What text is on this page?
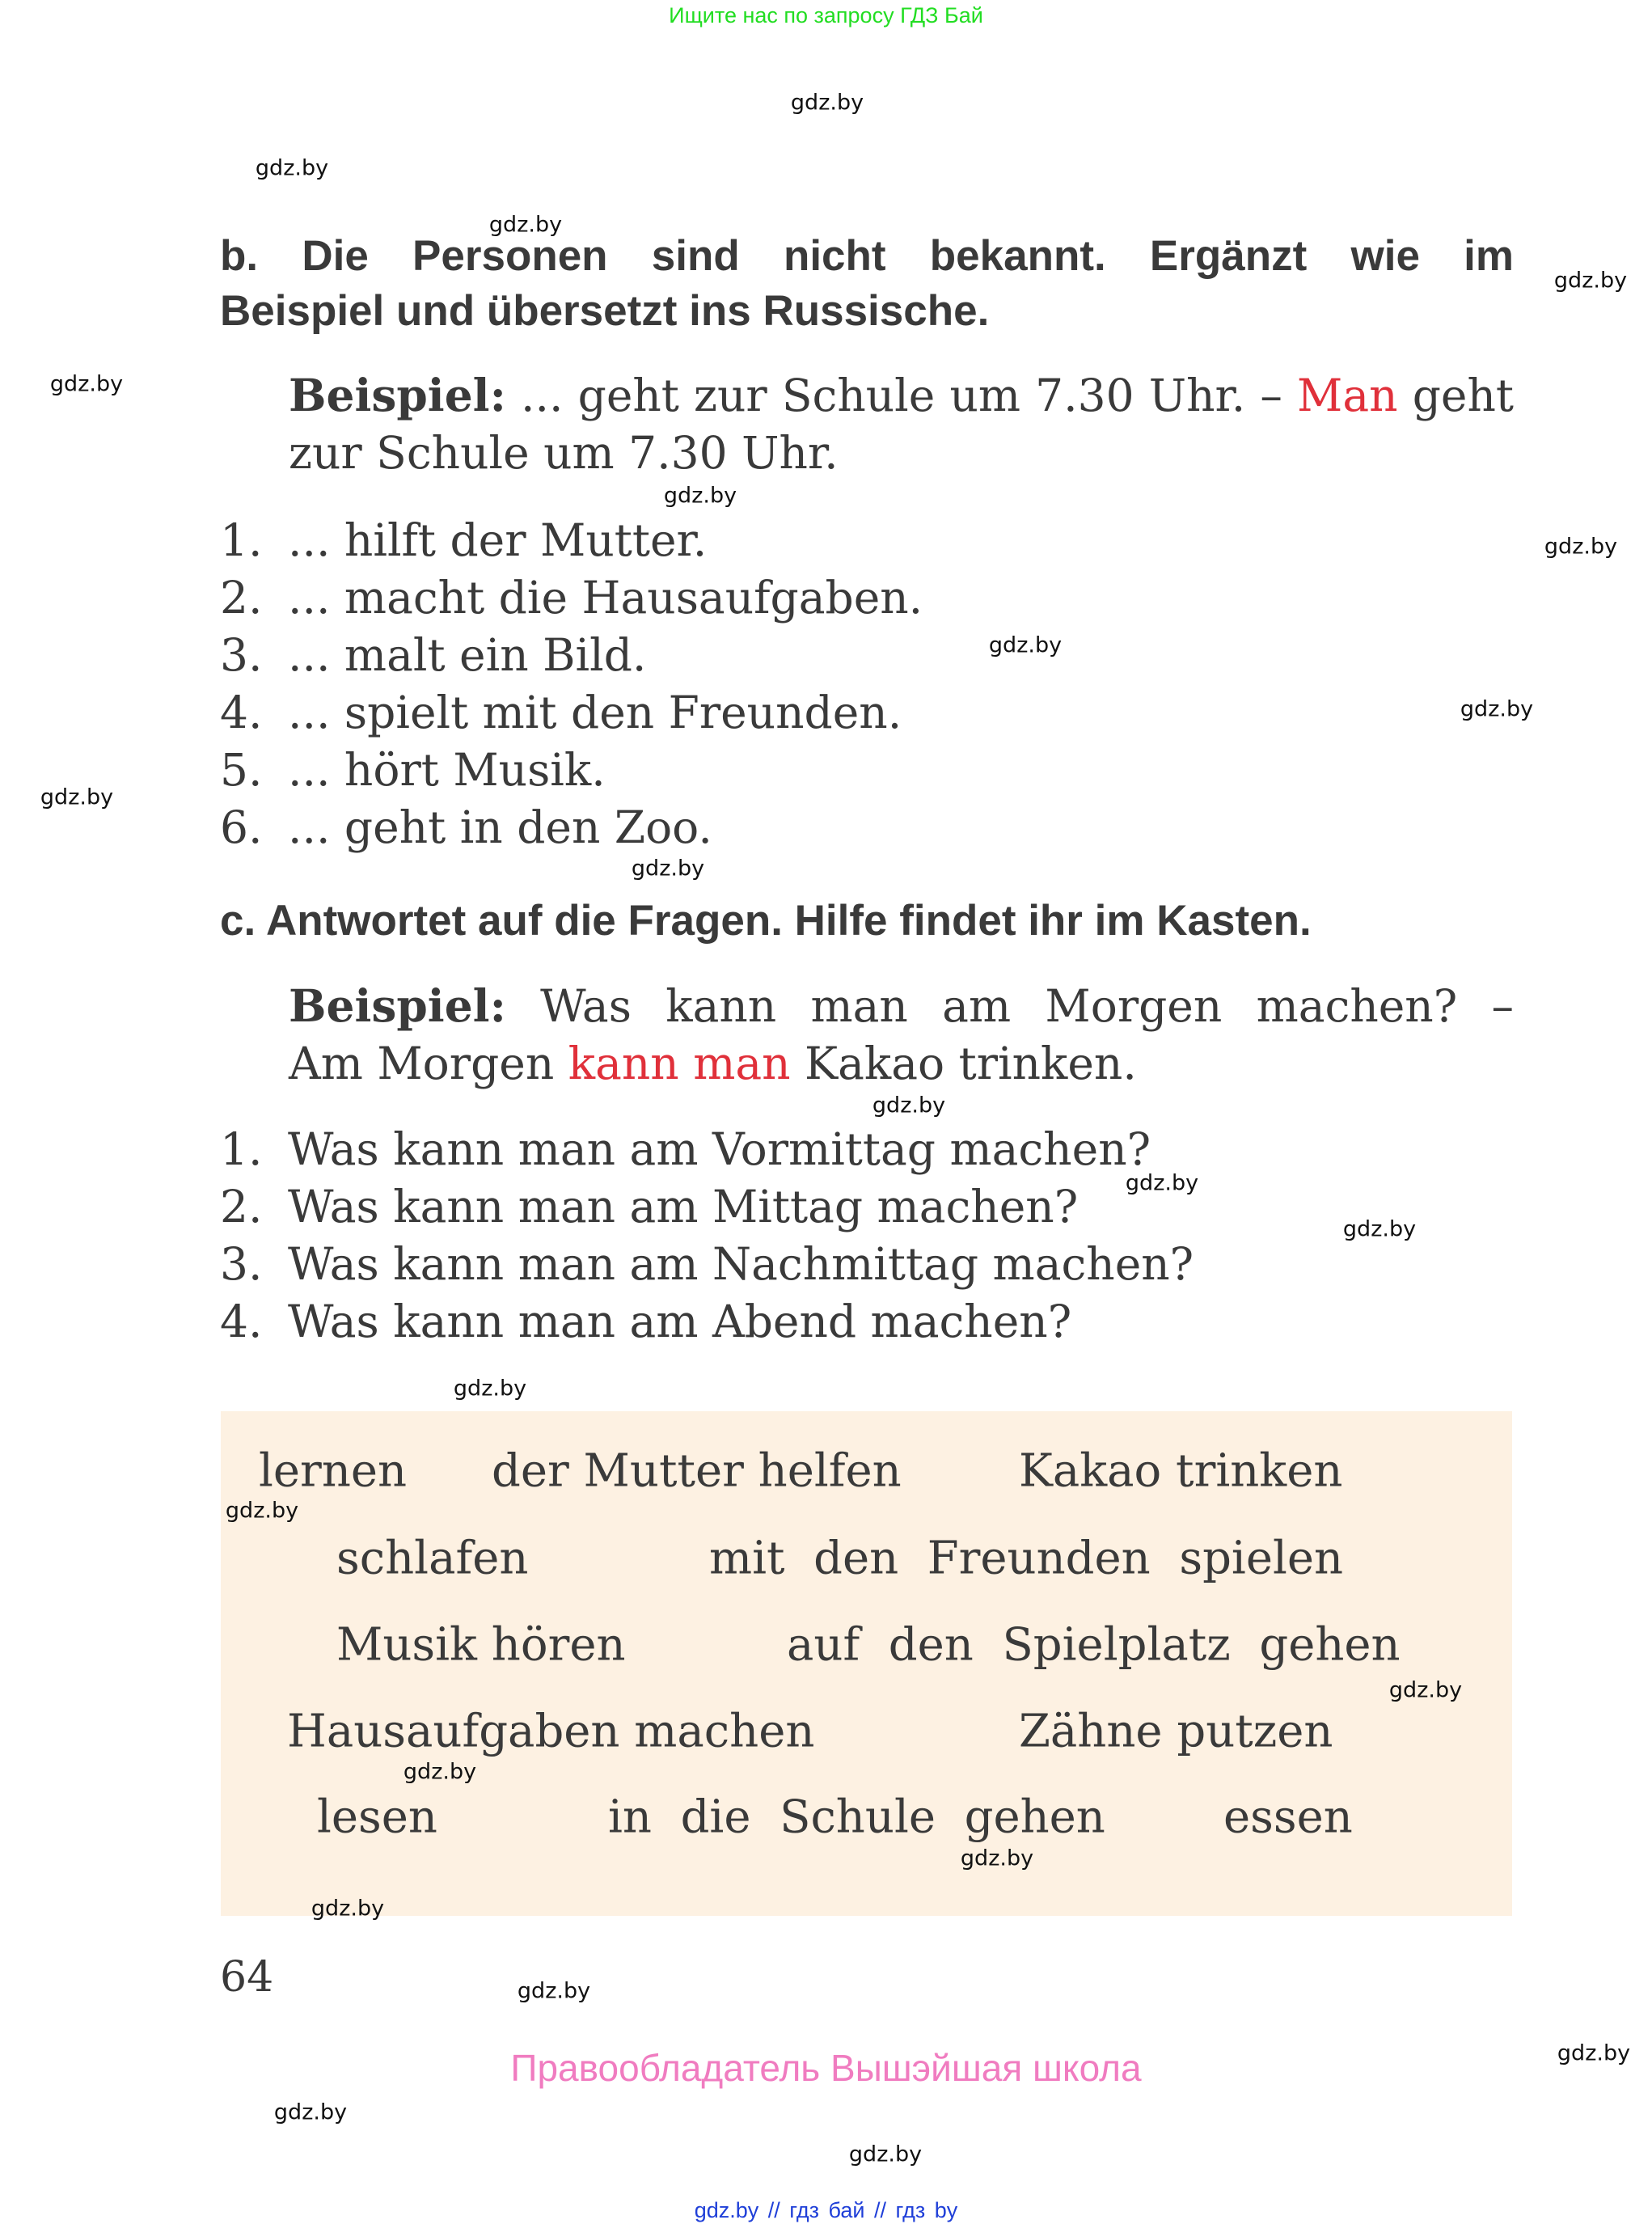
Ищите нас по запросу ГДЗ Бай
b. Die Personen sind nicht bekannt. Ergänzt wie im
Beispiel und übersetzt ins Russische.
Beispiel: ... geht zur Schule um 7.30 Uhr. – Man geht
zur Schule um 7.30 Uhr.
1. ... hilft der Mutter.
2. ... macht die Hausaufgaben.
3. ... malt ein Bild.
4. ... spielt mit den Freunden.
5. ... hört Musik.
6. ... geht in den Zoo.
c. Antwortet auf die Fragen. Hilfe findet ihr im Kasten.
Beispiel: Was kann man am Morgen machen? –
Am Morgen kann man Kakao trinken.
1. Was kann man am Vormittag machen?
2. Was kann man am Mittag machen?
3. Was kann man am Nachmittag machen?
4. Was kann man am Abend machen?
lernen der Mutter helfen	Kakao trinken
schlafen	mit  den  Freunden  spielen
Musik hören	auf  den  Spielplatz  gehen
Hausaufgaben machen	Zähne putzen
lesen	in  die  Schule  gehen	essen
64
Правообладатель Вышэйшая школа
gdz.by // гдз бай // гдз by
gdz.by
gdz.by
gdz.by
gdz.by
gdz.by
gdz.by
gdz.by
gdz.by
gdz.by
gdz.by
gdz.by
gdz.by
gdz.by
gdz.by
gdz.by
gdz.by
gdz.by
gdz.by
gdz.by
gdz.by
gdz.by
gdz.by
gdz.by
gdz.by
